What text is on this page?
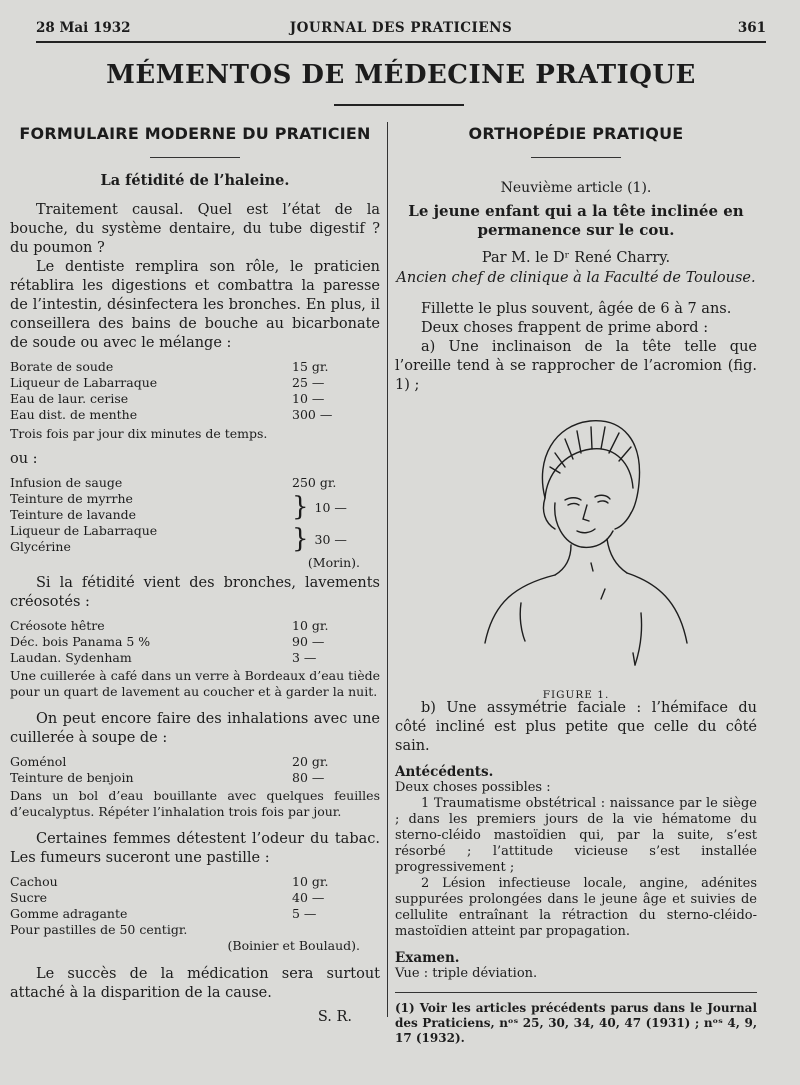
28 Mai 1932	JOURNAL DES PRATICIENS	361
MÉMENTOS DE MÉDECINE PRATIQUE
FORMULAIRE MODERNE DU PRATICIEN
La fétidité de l’haleine.

Traitement causal. Quel est l’état de la bouche, du système dentaire, du tube digestif ? du poumon ?

Le dentiste remplira son rôle, le praticien rétablira les digestions et combattra la paresse de l’intestin, désinfectera les bronches. En plus, il conseillera des bains de bouche au bicarbonate de soude ou avec le mélange :

Borate de soude	15 gr.
Liqueur de Labarraque	25 —
Eau de laur. cerise	10 —
Eau dist. de menthe	300 —

Trois fois par jour dix minutes de temps.

ou :

Infusion de sauge	250 gr.
Teinture de myrrhe
Teinture de lavande	} 10 —
Liqueur de Labarraque
Glycérine	} 30 —
(Morin).

Si la fétidité vient des bronches, lavements créosotés :

Créosote hêtre	10 gr.
Déc. bois Panama 5 %	90 —
Laudan. Sydenham	3 —

Une cuillerée à café dans un verre à Bordeaux d’eau tiède pour un quart de lavement au coucher et à garder la nuit.

On peut encore faire des inhalations avec une cuillerée à soupe de :

Goménol	20 gr.
Teinture de benjoin	80 —

Dans un bol d’eau bouillante avec quelques feuilles d’eucalyptus. Répéter l’inhalation trois fois par jour.

Certaines femmes détestent l’odeur du tabac. Les fumeurs suceront une pastille :

Cachou	10 gr.
Sucre	40 —
Gomme adragante	5 —

Pour pastilles de 50 centigr.

(Boinier et Boulaud).

Le succès de la médication sera surtout attaché à la disparition de la cause.

S. R.
ORTHOPÉDIE PRATIQUE
Neuvième article (1).
Le jeune enfant qui a la tête inclinée en permanence sur le cou.
Par M. le Dʳ René Charry.
Ancien chef de clinique à la Faculté de Toulouse.

Fillette le plus souvent, âgée de 6 à 7 ans.

Deux choses frappent de prime abord :

a) Une inclinaison de la tête telle que l’oreille tend à se rapprocher de l’acromion (fig. 1) ;

FIGURE 1.

b) Une assymétrie faciale : l’hémiface du côté incliné est plus petite que celle du côté sain.

Antécédents.

Deux choses possibles :

1 Traumatisme obstétrical : naissance par le siège ; dans les premiers jours de la vie hématome du sterno-cléido mastoïdien qui, par la suite, s’est résorbé ; l’attitude vicieuse s’est installée progressivement ;

2 Lésion infectieuse locale, angine, adénites suppurées prolongées dans le jeune âge et suivies de cellulite entraînant la rétraction du sterno-cléido-mastoïdien atteint par propagation.

Examen.

Vue : triple déviation.

(1) Voir les articles précédents parus dans le Journal des Praticiens, nᵒˢ 25, 30, 34, 40, 47 (1931) ; nᵒˢ 4, 9, 17 (1932).
